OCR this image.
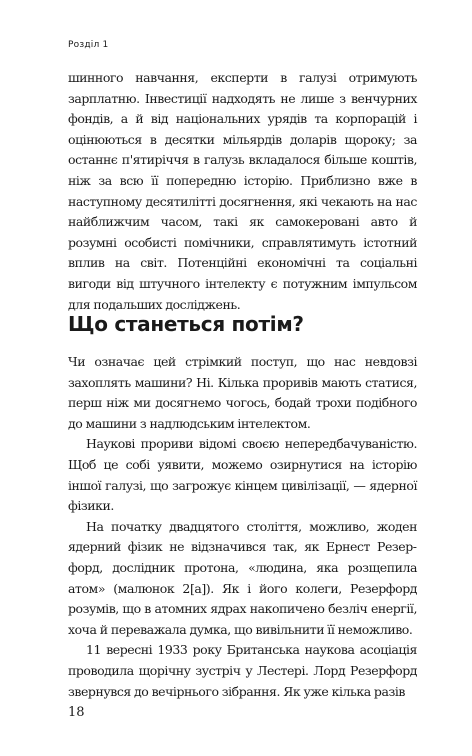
Розділ 1

шинного навчання, експерти в галузі отримують зарплатню. Інвестиції надходять не лише з венчурних фондів, а й від національних урядів та корпорацій і оцінюються в десятки мільярдів доларів щороку; за останнє п'ятиріччя в галузь вкладалося більше коштів, ніж за всю її попередню історію. Приблизно вже в наступному десятилітті досягнення, які чекають на нас найближчим часом, такі як самокеровані авто й розумні особисті помічники, справлятимуть істотний вплив на світ. Потенційні економічні та соціальні вигоди від штучного інтелекту є потужним імпульсом для подальших досліджень.

Що станеться потім?

Чи означає цей стрімкий поступ, що нас невдовзі захоплять машини? Ні. Кілька проривів мають статися, перш ніж ми досягнемо чогось, бодай трохи подібного до машини з надлюдським інтелектом.

Наукові прориви відомі своєю непередбачуваністю. Щоб це собі уявити, можемо озирнутися на історію іншої галузі, що загрожує кінцем цивілізації, — ядерної фізики.

На початку двадцятого століття, можливо, жоден ядерний фізик не відзначився так, як Ернест Резерфорд, дослідник протона, «людина, яка розщепила атом» (малюнок 2[а]). Як і його колеги, Резерфорд розумів, що в атомних ядрах накопичено безліч енергії, хоча й переважала думка, що вивільнити її неможливо.

11 вересні 1933 року Британська наукова асоціація проводила щорічну зустріч у Лестері. Лорд Резерфорд звернувся до вечірнього зібрання. Як уже кілька разів

18
